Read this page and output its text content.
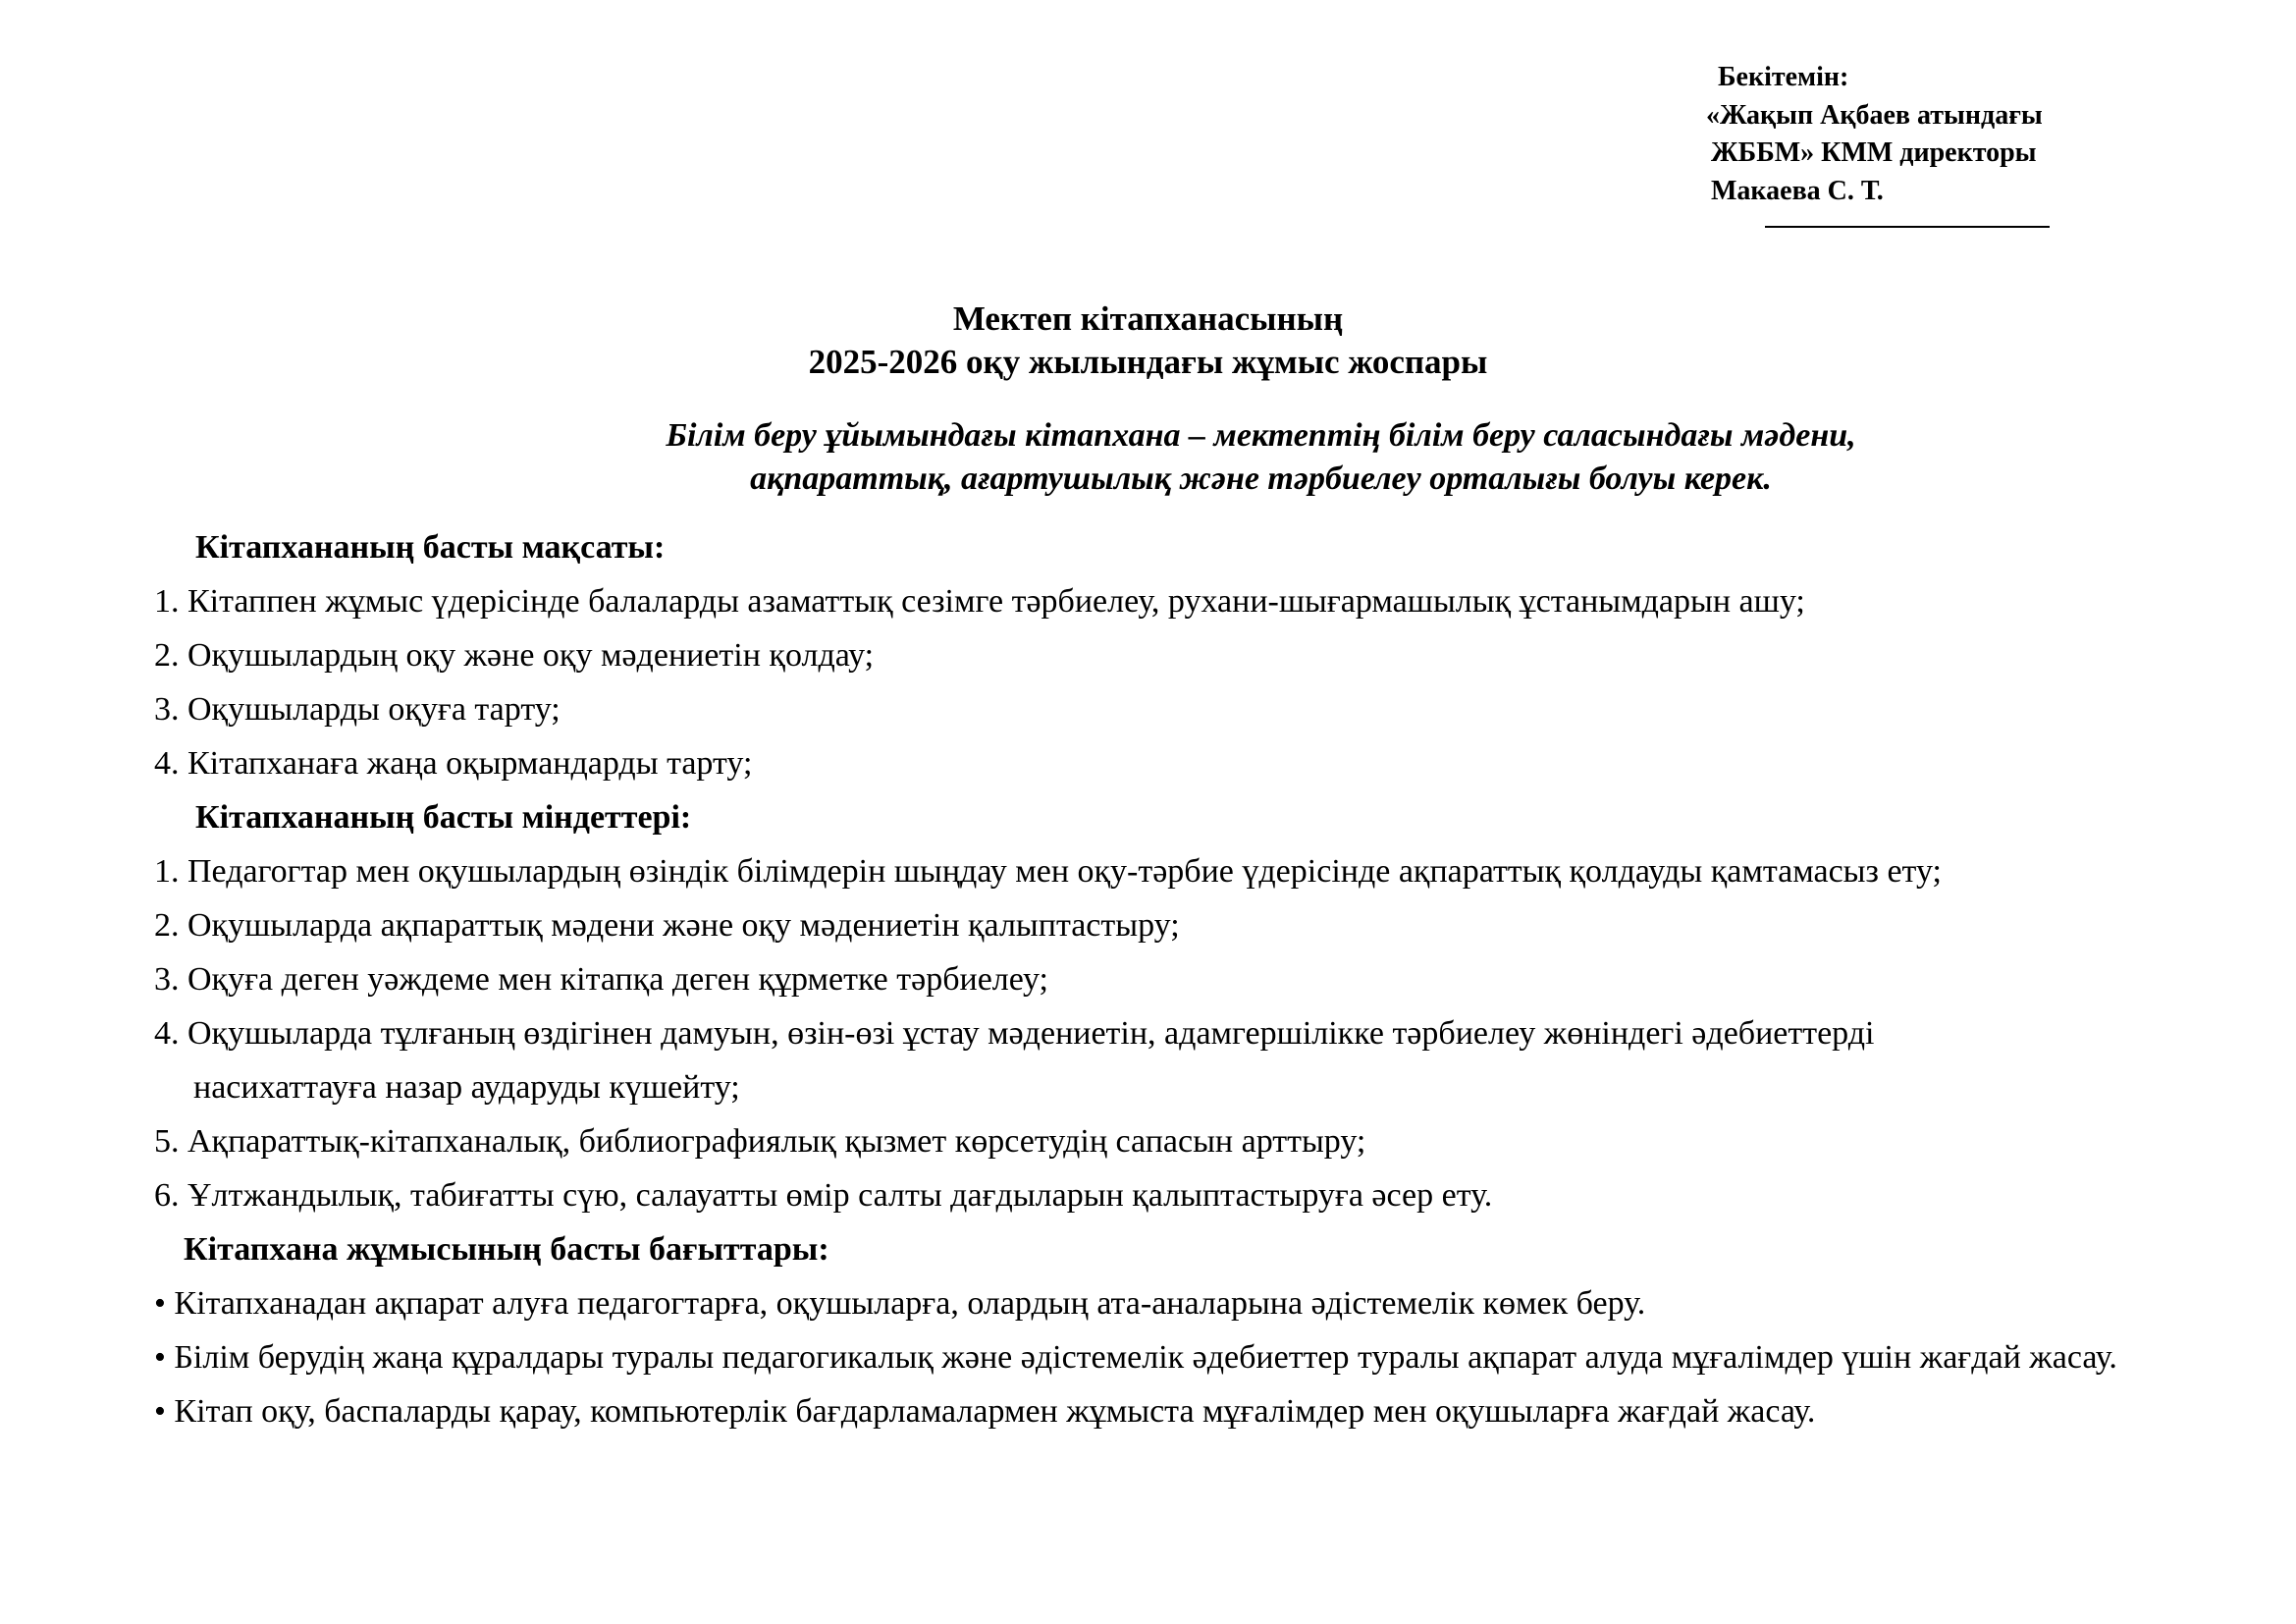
Бекітемін:
«Жақып Ақбаев атындағы
ЖББМ» КММ директоры
Макаева С. Т.
Мектеп кітапханасының
2025-2026 оқу жылындағы жұмыс жоспары
Білім беру ұйымындағы кітапхана – мектептің білім беру саласындағы мәдени,
ақпараттық, ағартушылық және тәрбиелеу орталығы болуы керек.
Кітапхананың басты мақсаты:
1. Кітаппен жұмыс үдерісінде балаларды азаматтық сезімге тәрбиелеу, рухани-шығармашылық ұстанымдарын ашу;
2. Оқушылардың оқу және оқу мәдениетін қолдау;
3. Оқушыларды оқуға тарту;
4. Кітапханаға жаңа оқырмандарды тарту;
Кітапхананың басты міндеттері:
1. Педагогтар мен оқушылардың өзіндік білімдерін шыңдау мен оқу-тәрбие үдерісінде ақпараттық қолдауды қамтамасыз ету;
2. Оқушыларда ақпараттық мәдени және оқу мәдениетін қалыптастыру;
3. Оқуға деген уәждеме мен кітапқа деген құрметке тәрбиелеу;
4. Оқушыларда тұлғаның өздігінен дамуын, өзін-өзі ұстау мәдениетін, адамгершілікке тәрбиелеу жөніндегі әдебиеттерді
насихаттауға назар аударуды күшейту;
5. Ақпараттық-кітапханалық, библиографиялық қызмет көрсетудің сапасын арттыру;
6. Ұлтжандылық, табиғатты сүю, салауатты өмір салты дағдыларын қалыптастыруға әсер ету.
Кітапхана жұмысының басты бағыттары:
• Кітапханадан ақпарат алуға педагогтарға, оқушыларға, олардың ата-аналарына әдістемелік көмек беру.
• Білім берудің жаңа құралдары туралы педагогикалық және әдістемелік әдебиеттер туралы ақпарат алуда мұғалімдер үшін жағдай жасау.
• Кітап оқу, баспаларды қарау, компьютерлік бағдарламалармен жұмыста мұғалімдер мен оқушыларға жағдай жасау.
